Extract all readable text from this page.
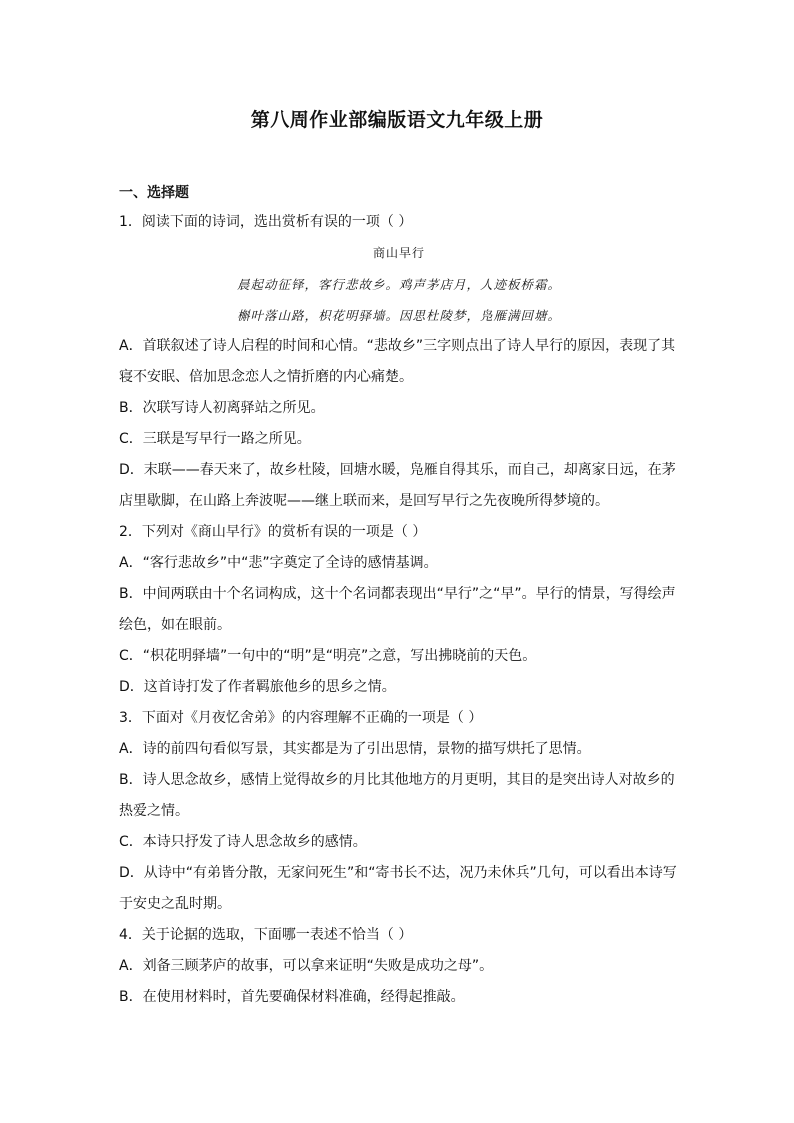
第八周作业部编版语文九年级上册
一、选择题
1．阅读下面的诗词，选出赏析有误的一项（ ）
商山早行
晨起动征铎，客行悲故乡。鸡声茅店月，人迹板桥霜。
槲叶落山路，枳花明驿墙。因思杜陵梦，凫雁满回塘。
A．首联叙述了诗人启程的时间和心情。“悲故乡”三字则点出了诗人早行的原因，表现了其
寝不安眠、倍加思念恋人之情折磨的内心痛楚。
B．次联写诗人初离驿站之所见。
C．三联是写早行一路之所见。
D．末联——春天来了，故乡杜陵，回塘水暖，凫雁自得其乐，而自己，却离家日远，在茅
店里歇脚，在山路上奔波呢——继上联而来，是回写早行之先夜晚所得梦境的。
2．下列对《商山早行》的赏析有误的一项是（ ）
A．“客行悲故乡”中“悲”字奠定了全诗的感情基调。
B．中间两联由十个名词构成，这十个名词都表现出“早行”之“早”。早行的情景，写得绘声
绘色，如在眼前。
C．“枳花明驿墙”一句中的“明”是“明亮”之意，写出拂晓前的天色。
D．这首诗打发了作者羁旅他乡的思乡之情。
3．下面对《月夜忆舍弟》的内容理解不正确的一项是（ ）
A．诗的前四句看似写景，其实都是为了引出思情，景物的描写烘托了思情。
B．诗人思念故乡，感情上觉得故乡的月比其他地方的月更明，其目的是突出诗人对故乡的
热爱之情。
C．本诗只抒发了诗人思念故乡的感情。
D．从诗中“有弟皆分散，无家问死生”和“寄书长不达，况乃未休兵”几句，可以看出本诗写
于安史之乱时期。
4．关于论据的选取，下面哪一表述不恰当（ ）
A．刘备三顾茅庐的故事，可以拿来证明“失败是成功之母”。
B．在使用材料时，首先要确保材料准确，经得起推敲。
